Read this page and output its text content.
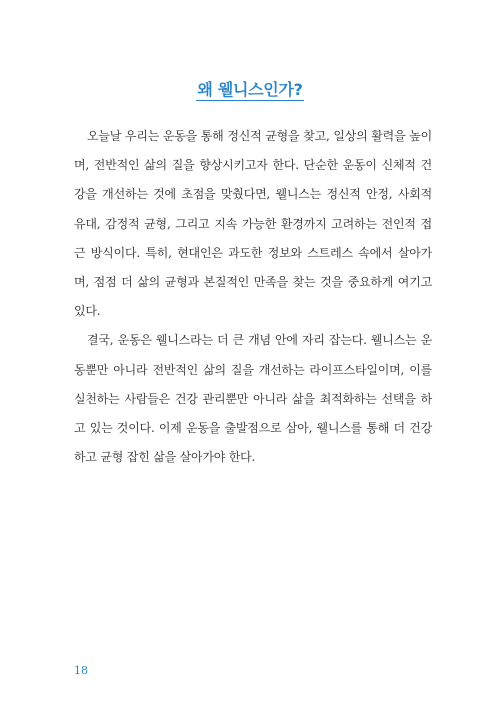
왜 웰니스인가?

오늘날 우리는 운동을 통해 정신적 균형을 찾고, 일상의 활력을 높이며, 전반적인 삶의 질을 향상시키고자 한다. 단순한 운동이 신체적 건강을 개선하는 것에 초점을 맞췄다면, 웰니스는 정신적 안정, 사회적 유대, 감정적 균형, 그리고 지속 가능한 환경까지 고려하는 전인적 접근 방식이다. 특히, 현대인은 과도한 정보와 스트레스 속에서 살아가며, 점점 더 삶의 균형과 본질적인 만족을 찾는 것을 중요하게 여기고 있다.

결국, 운동은 웰니스라는 더 큰 개념 안에 자리 잡는다. 웰니스는 운동뿐만 아니라 전반적인 삶의 질을 개선하는 라이프스타일이며, 이를 실천하는 사람들은 건강 관리뿐만 아니라 삶을 최적화하는 선택을 하고 있는 것이다. 이제 운동을 출발점으로 삼아, 웰니스를 통해 더 건강하고 균형 잡힌 삶을 살아가야 한다.

18
